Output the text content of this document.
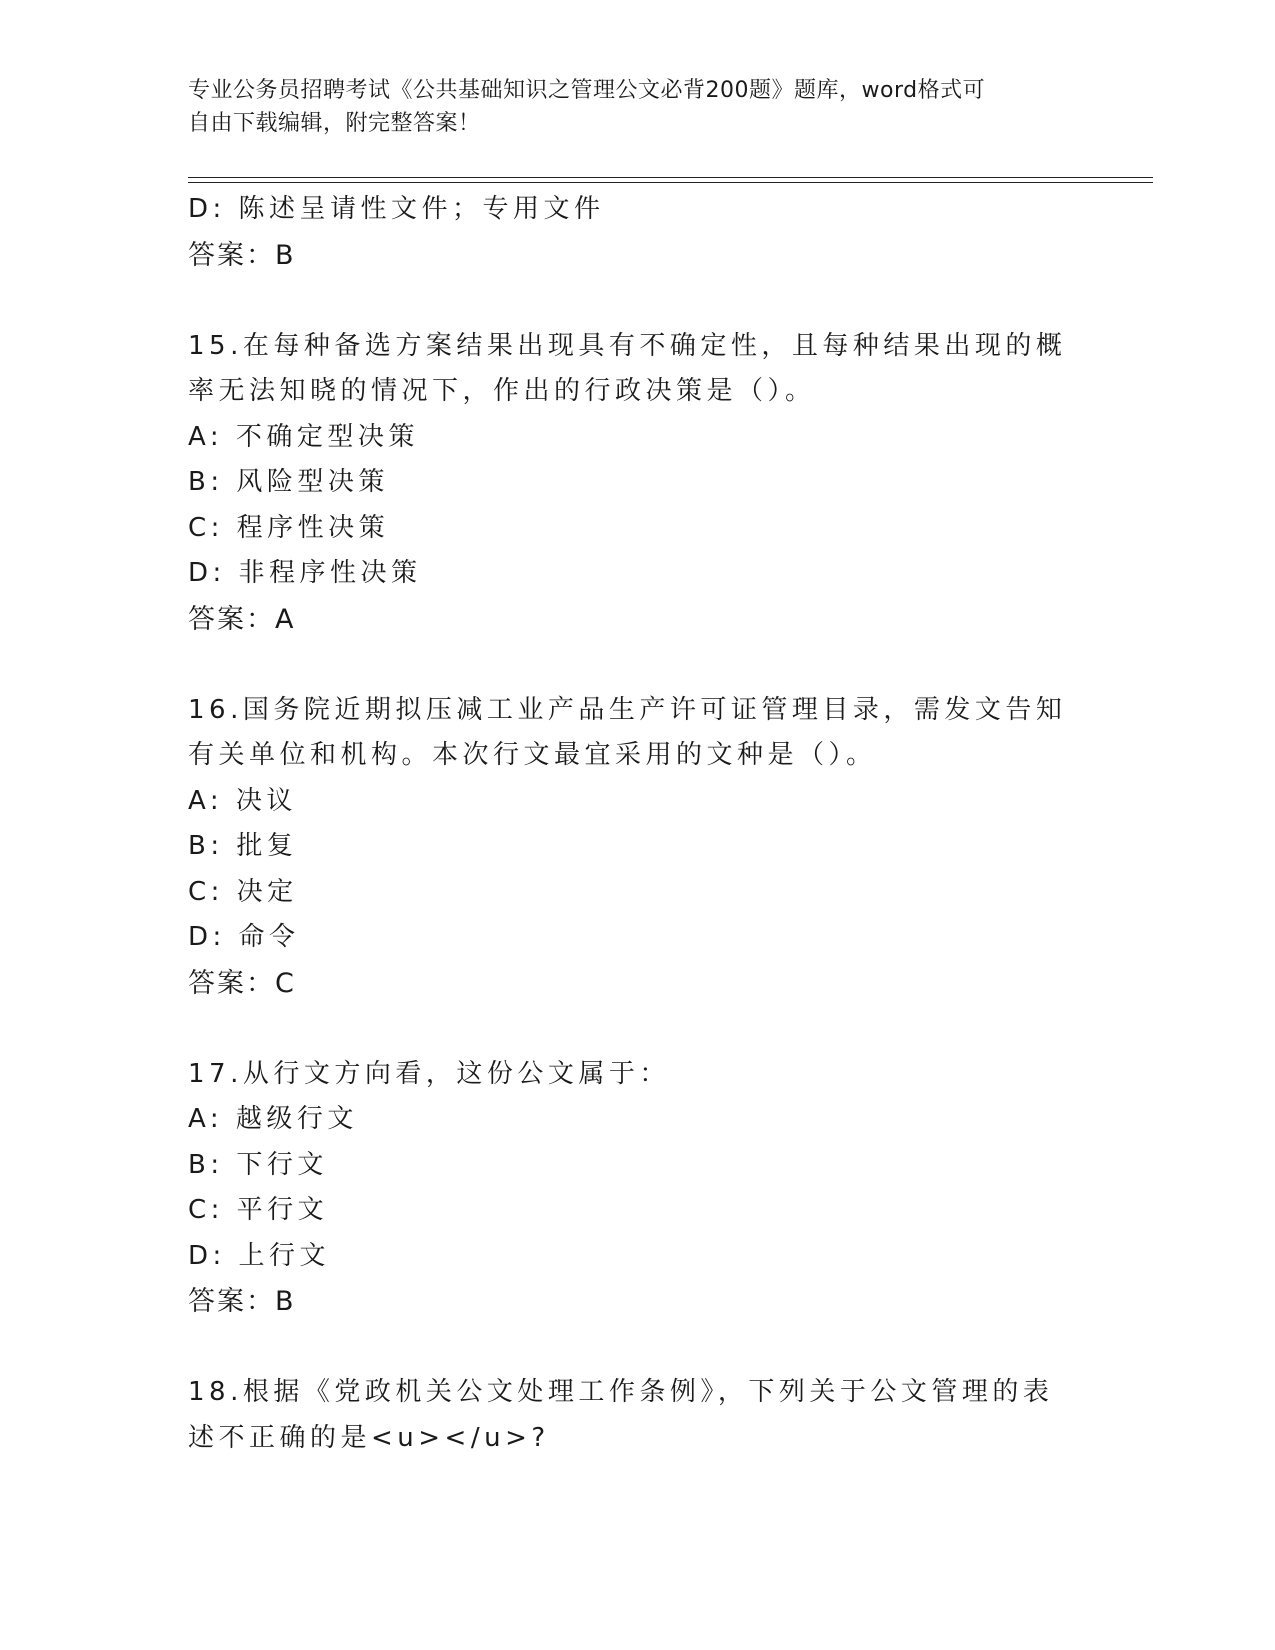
专业公务员招聘考试《公共基础知识之管理公文必背200题》题库，word格式可
自由下载编辑，附完整答案！
D: 陈述呈请性文件；专用文件
答案：B
15.在每种备选方案结果出现具有不确定性，且每种结果出现的概率无法知晓的情况下，作出的行政决策是（）。
A: 不确定型决策
B: 风险型决策
C: 程序性决策
D: 非程序性决策
答案：A
16.国务院近期拟压减工业产品生产许可证管理目录，需发文告知有关单位和机构。本次行文最宜采用的文种是（）。
A: 决议
B: 批复
C: 决定
D: 命令
答案：C
17.从行文方向看，这份公文属于：
A: 越级行文
B: 下行文
C: 平行文
D: 上行文
答案：B
18.根据《党政机关公文处理工作条例》，下列关于公文管理的表述不正确的是<u></u>?
